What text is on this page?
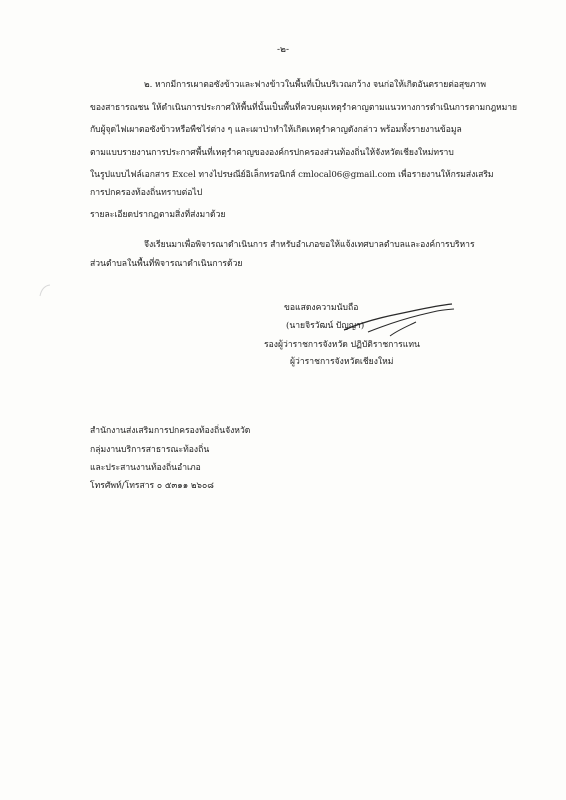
-๒-
๒. หากมีการเผาตอซังข้าวและฟางข้าวในพื้นที่เป็นบริเวณกว้าง จนก่อให้เกิดอันตรายต่อสุขภาพ
ของสาธารณชน ให้ดำเนินการประกาศให้พื้นที่นั้นเป็นพื้นที่ควบคุมเหตุรำคาญตามแนวทางการดำเนินการตามกฎหมาย
กับผู้จุดไฟเผาตอซังข้าวหรือพืชไร่ต่าง ๆ และเผาป่าทำให้เกิดเหตุรำคาญดังกล่าว พร้อมทั้งรายงานข้อมูล
ตามแบบรายงานการประกาศพื้นที่เหตุรำคาญขององค์กรปกครองส่วนท้องถิ่นให้จังหวัดเชียงใหม่ทราบ
ในรูปแบบไฟล์เอกสาร Excel ทางไปรษณีย์อิเล็กทรอนิกส์ cmlocal06@gmail.com เพื่อรายงานให้กรมส่งเสริม
การปกครองท้องถิ่นทราบต่อไป
รายละเอียดปรากฏตามสิ่งที่ส่งมาด้วย
จึงเรียนมาเพื่อพิจารณาดำเนินการ สำหรับอำเภอขอให้แจ้งเทศบาลตำบลและองค์การบริหาร
ส่วนตำบลในพื้นที่พิจารณาดำเนินการด้วย
ขอแสดงความนับถือ
(นายจิรวัฒน์ ปัญญา)
รองผู้ว่าราชการจังหวัด ปฏิบัติราชการแทน
ผู้ว่าราชการจังหวัดเชียงใหม่
สำนักงานส่งเสริมการปกครองท้องถิ่นจังหวัด
กลุ่มงานบริการสาธารณะท้องถิ่น
และประสานงานท้องถิ่นอำเภอ
โทรศัพท์/โทรสาร ๐ ๕๓๑๑ ๒๖๐๘
